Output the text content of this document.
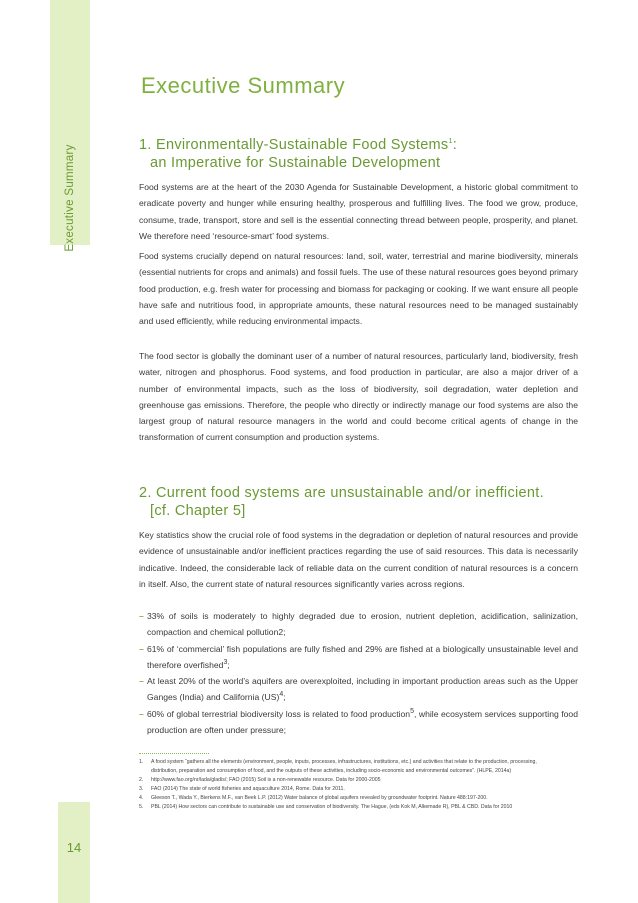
Executive Summary
Executive Summary
1. Environmentally-Sustainable Food Systems$^1$:
an Imperative for Sustainable Development
Food systems are at the heart of the 2030 Agenda for Sustainable Development, a historic global commitment to eradicate poverty and hunger while ensuring healthy, prosperous and fulfilling lives. The food we grow, produce, consume, trade, transport, store and sell is the essential connecting thread between people, prosperity, and planet. We therefore need ‘resource-smart’ food systems.
Food systems crucially depend on natural resources: land, soil, water, terrestrial and marine biodiversity, minerals (essential nutrients for crops and animals) and fossil fuels. The use of these natural resources goes beyond primary food production, e.g. fresh water for processing and biomass for packaging or cooking. If we want ensure all people have safe and nutritious food, in appropriate amounts, these natural resources need to be managed sustainably and used efficiently, while reducing environmental impacts.
The food sector is globally the dominant user of a number of natural resources, particularly land, biodiversity, fresh water, nitrogen and phosphorus. Food systems, and food production in particular, are also a major driver of a number of environmental impacts, such as the loss of biodiversity, soil degradation, water depletion and greenhouse gas emissions. Therefore, the people who directly or indirectly manage our food systems are also the largest group of natural resource managers in the world and could become critical agents of change in the transformation of current consumption and production systems.
2. Current food systems are unsustainable and/or inefficient.
[cf. Chapter 5]
Key statistics show the crucial role of food systems in the degradation or depletion of natural resources and provide evidence of unsustainable and/or inefficient practices regarding the use of said resources. This data is necessarily indicative. Indeed, the considerable lack of reliable data on the current condition of natural resources is a concern in itself. Also, the current state of natural resources significantly varies across regions.
– 33% of soils is moderately to highly degraded due to erosion, nutrient depletion, acidification, salinization, compaction and chemical pollution2;
– 61% of ‘commercial’ fish populations are fully fished and 29% are fished at a biologically unsustainable level and therefore overfished$^3$;
– At least 20% of the world’s aquifers are overexploited, including in important production areas such as the Upper Ganges (India) and California (US)$^4$;
– 60% of global terrestrial biodiversity loss is related to food production$^5$, while ecosystem services supporting food production are often under pressure;
1. A food system “gathers all the elements (environment, people, inputs, processes, infrastructures, institutions, etc.) and activities that relate to the production, processing,
distribution, preparation and consumption of food, and the outputs of these activities, including socio-economic and environmental outcomes”. (HLPE, 2014a)
2. http://www.fao.org/nr/lada/gladis/; FAO (2015) Soil is a non-renewable resource. Data for 2000-2005
3. FAO (2014) The state of world fisheries and aquaculture 2014, Rome. Data for 2011.
4. Gleeson T., Wada Y., Bierkens M.F., van Beek L.P. (2012) Water balance of global aquifers revealed by groundwater footprint. Nature 488:197-200.
5. PBL (2014) How sectors can contribute to sustainable use and conservation of biodiversity. The Hague, (eds Kok M, Alkemade R), PBL & CBD. Data for 2010
14
